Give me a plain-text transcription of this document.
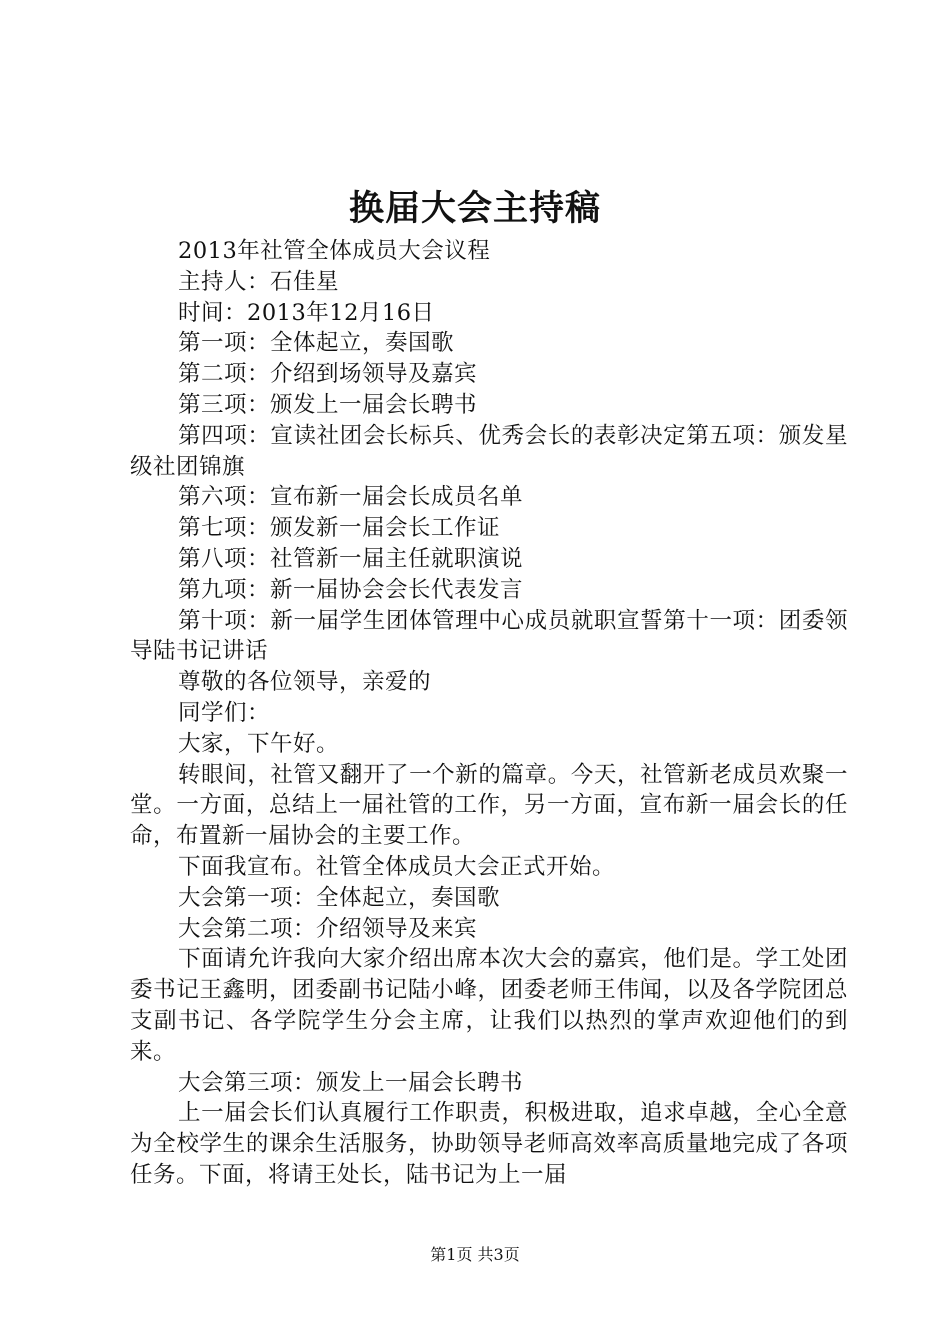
换届大会主持稿

2013年社管全体成员大会议程

主持人：石佳星

时间：2013年12月16日

第一项：全体起立，奏国歌

第二项：介绍到场领导及嘉宾

第三项：颁发上一届会长聘书

第四项：宣读社团会长标兵、优秀会长的表彰决定第五项：颁发星级社团锦旗

第六项：宣布新一届会长成员名单

第七项：颁发新一届会长工作证

第八项：社管新一届主任就职演说

第九项：新一届协会会长代表发言

第十项：新一届学生团体管理中心成员就职宣誓第十一项：团委领导陆书记讲话

尊敬的各位领导，亲爱的

同学们：

大家，下午好。

转眼间，社管又翻开了一个新的篇章。今天，社管新老成员欢聚一堂。一方面，总结上一届社管的工作，另一方面，宣布新一届会长的任命，布置新一届协会的主要工作。

下面我宣布。社管全体成员大会正式开始。

大会第一项：全体起立，奏国歌

大会第二项：介绍领导及来宾

下面请允许我向大家介绍出席本次大会的嘉宾，他们是。学工处团委书记王鑫明，团委副书记陆小峰，团委老师王伟闻，以及各学院团总支副书记、各学院学生分会主席，让我们以热烈的掌声欢迎他们的到来。

大会第三项：颁发上一届会长聘书

上一届会长们认真履行工作职责，积极进取，追求卓越，全心全意为全校学生的课余生活服务，协助领导老师高效率高质量地完成了各项任务。下面，将请王处长，陆书记为上一届

第1页 共3页
